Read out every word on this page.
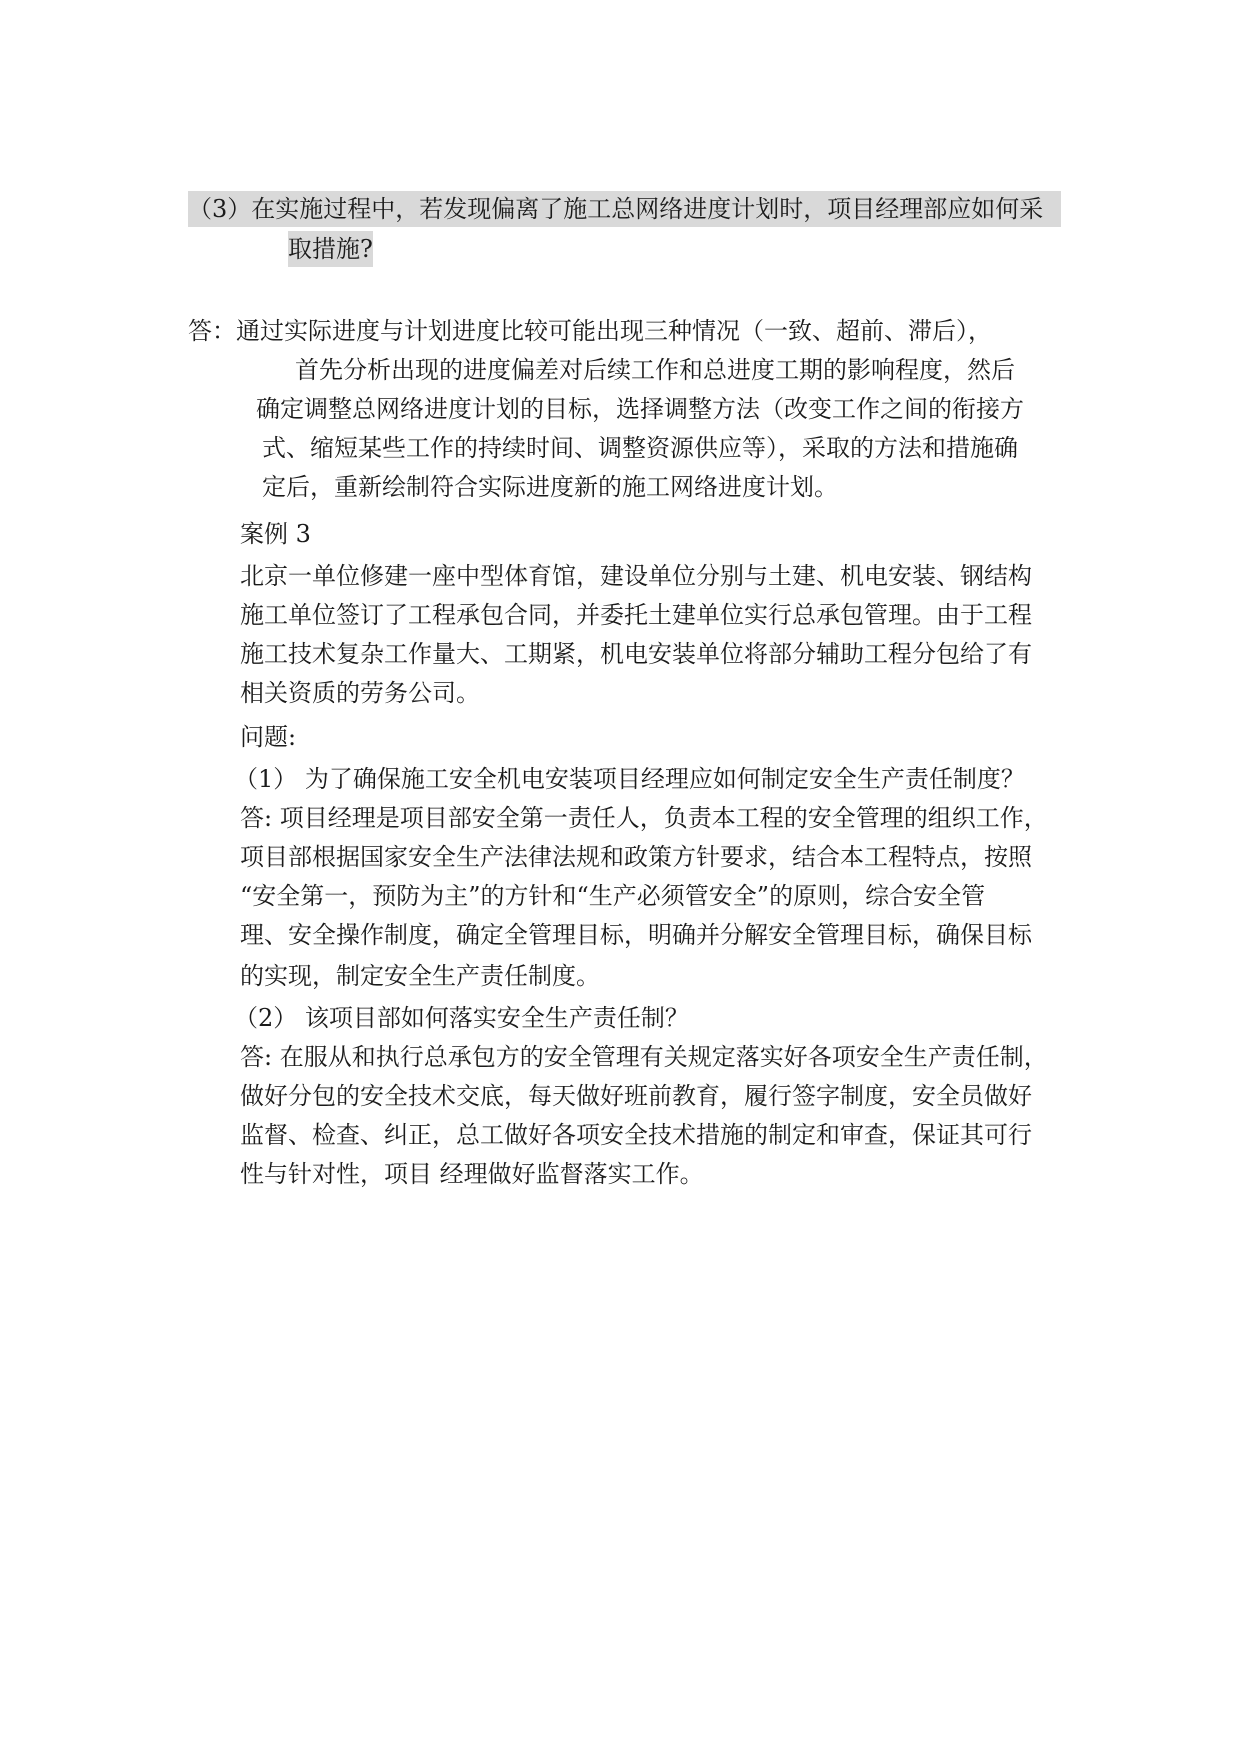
（3）在实施过程中，若发现偏离了施工总网络进度计划时，项目经理部应如何采
取措施?
答：通过实际进度与计划进度比较可能出现三种情况（一致、超前、滞后），
首先分析出现的进度偏差对后续工作和总进度工期的影响程度，然后
确定调整总网络进度计划的目标，选择调整方法（改变工作之间的衔接方
式、缩短某些工作的持续时间、调整资源供应等），采取的方法和措施确
定后，重新绘制符合实际进度新的施工网络进度计划。
案例 3
北京一单位修建一座中型体育馆，建设单位分别与土建、机电安装、钢结构
施工单位签订了工程承包合同，并委托土建单位实行总承包管理。由于工程
施工技术复杂工作量大、工期紧，机电安装单位将部分辅助工程分包给了有
相关资质的劳务公司。
问题:
（1） 为了确保施工安全机电安装项目经理应如何制定安全生产责任制度？
答: 项目经理是项目部安全第一责任人，负责本工程的安全管理的组织工作，
项目部根据国家安全生产法律法规和政策方针要求，结合本工程特点，按照
“安全第一，预防为主”的方针和“生产必须管安全”的原则，综合安全管
理、安全操作制度，确定全管理目标，明确并分解安全管理目标，确保目标
的实现，制定安全生产责任制度。
（2） 该项目部如何落实安全生产责任制？
答: 在服从和执行总承包方的安全管理有关规定落实好各项安全生产责任制，
做好分包的安全技术交底，每天做好班前教育，履行签字制度，安全员做好
监督、检查、纠正，总工做好各项安全技术措施的制定和审查，保证其可行
性与针对性，项目 经理做好监督落实工作。
